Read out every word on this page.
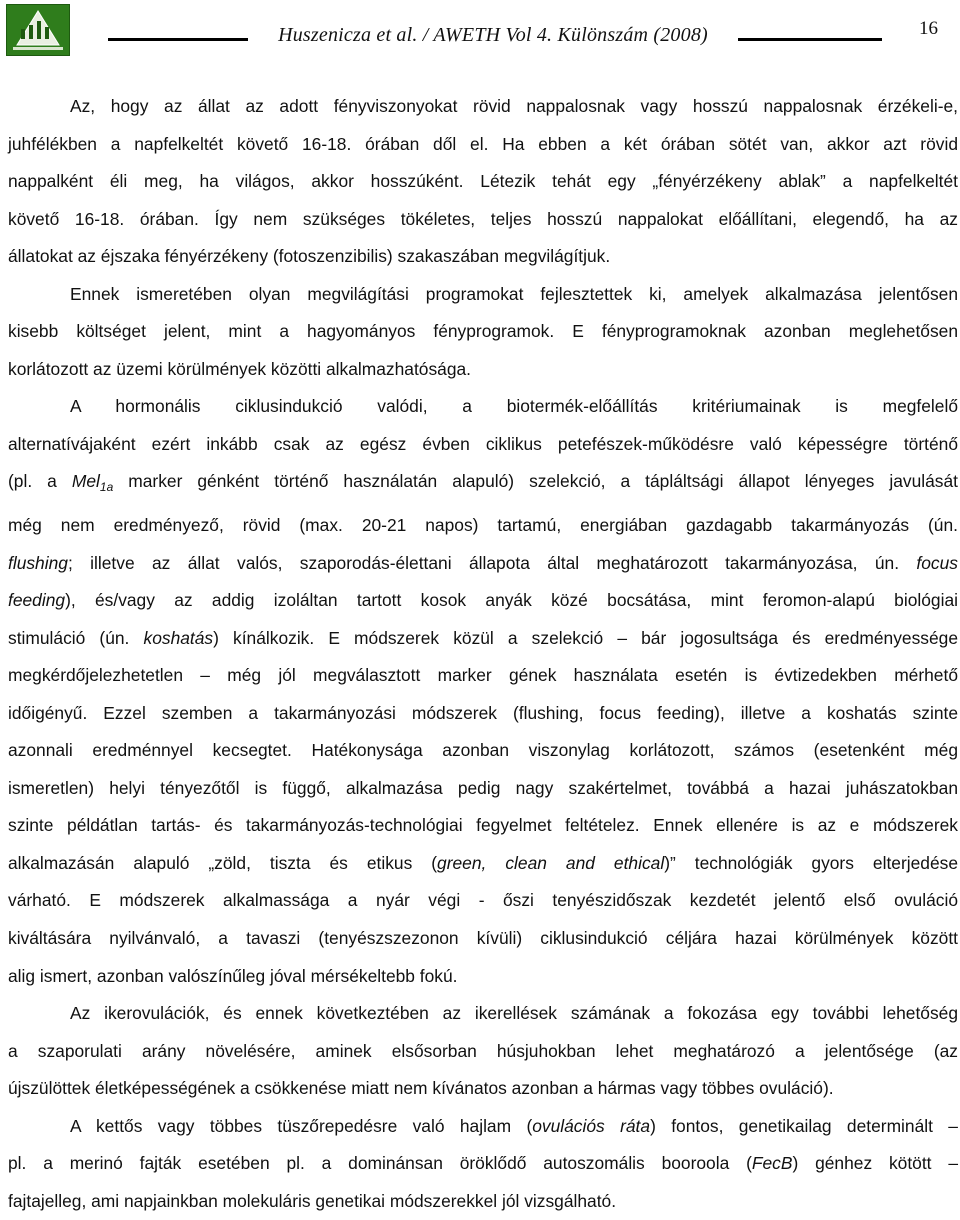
Huszenicza et al. / AWETH Vol 4. Különszám (2008)	16
Az, hogy az állat az adott fényviszonyokat rövid nappalosnak vagy hosszú nappalosnak érzékeli-e,
juhfélékben a napfelkeltét követő 16-18. órában dől el. Ha ebben a két órában sötét van, akkor azt rövid
nappalként éli meg, ha világos, akkor hosszúként. Létezik tehát egy „fényérzékeny ablak” a napfelkeltét
követő 16-18. órában. Így nem szükséges tökéletes, teljes hosszú nappalokat előállítani, elegendő, ha az
állatokat az éjszaka fényérzékeny (fotoszenzibilis) szakaszában megvilágítjuk.
Ennek ismeretében olyan megvilágítási programokat fejlesztettek ki, amelyek alkalmazása jelentősen
kisebb költséget jelent, mint a hagyományos fényprogramok. E fényprogramoknak azonban meglehetősen
korlátozott az üzemi körülmények közötti alkalmazhatósága.
A hormonális ciklusindukció valódi, a biotermék-előállítás kritériumainak is megfelelő
alternatívájaként ezért inkább csak az egész évben ciklikus petefészek-működésre való képességre történő
(pl. a Mel$_{1a}$ marker génként történő használatán alapuló) szelekció, a tápláltsági állapot lényeges javulását
még nem eredményező, rövid (max. 20-21 napos) tartamú, energiában gazdagabb takarmányozás (ún.
flushing; illetve az állat valós, szaporodás-élettani állapota által meghatározott takarmányozása, ún. focus
feeding), és/vagy az addig izoláltan tartott kosok anyák közé bocsátása, mint feromon-alapú biológiai
stimuláció (ún. koshatás) kínálkozik. E módszerek közül a szelekció – bár jogosultsága és eredményessége
megkérdőjelezhetetlen – még jól megválasztott marker gének használata esetén is évtizedekben mérhető
időigényű. Ezzel szemben a takarmányozási módszerek (flushing, focus feeding), illetve a koshatás szinte
azonnali eredménnyel kecsegtet. Hatékonysága azonban viszonylag korlátozott, számos (esetenként még
ismeretlen) helyi tényezőtől is függő, alkalmazása pedig nagy szakértelmet, továbbá a hazai juhászatokban
szinte példátlan tartás- és takarmányozás-technológiai fegyelmet feltételez. Ennek ellenére is az e módszerek
alkalmazásán alapuló „zöld, tiszta és etikus (green, clean and ethical)” technológiák gyors elterjedése
várható. E módszerek alkalmassága a nyár végi - őszi tenyészidőszak kezdetét jelentő első ovuláció
kiváltására nyilvánvaló, a tavaszi (tenyészszezonon kívüli) ciklusindukció céljára hazai körülmények között
alig ismert, azonban valószínűleg jóval mérsékeltebb fokú.
Az ikerovulációk, és ennek következtében az ikerellések számának a fokozása egy további lehetőség
a szaporulati arány növelésére, aminek elsősorban húsjuhokban lehet meghatározó a jelentősége (az
újszülöttek életképességének a csökkenése miatt nem kívánatos azonban a hármas vagy többes ovuláció).
A kettős vagy többes tüszőrepedésre való hajlam (ovulációs ráta) fontos, genetikailag determinált –
pl. a merinó fajták esetében pl. a dominánsan öröklődő autoszomális booroola (FecB) génhez kötött –
fajtajelleg, ami napjainkban molekuláris genetikai módszerekkel jól vizsgálható.
